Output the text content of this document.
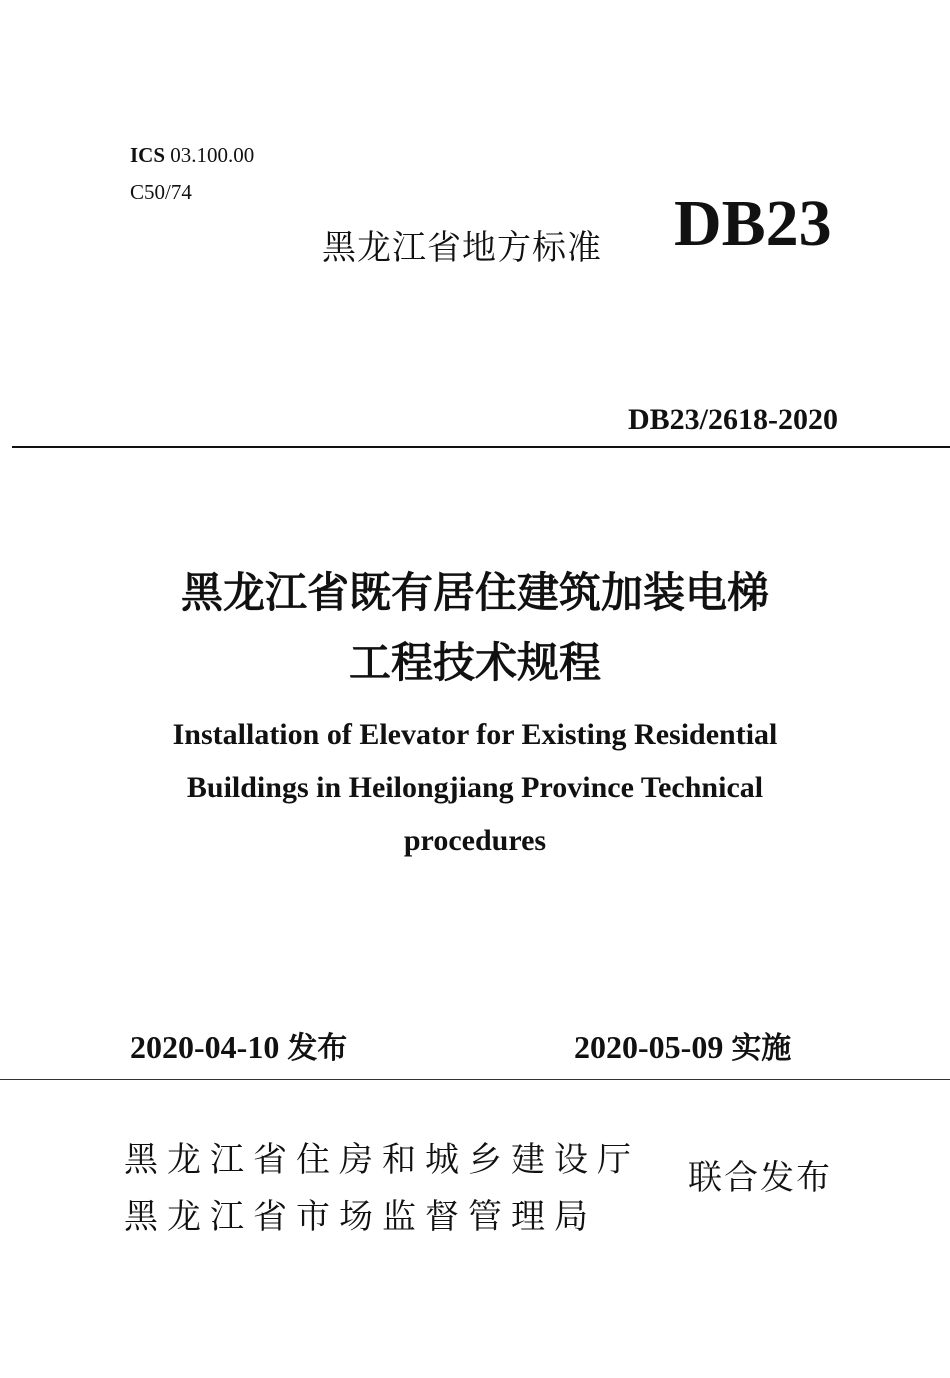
ICS 03.100.00
C50/74
黑龙江省地方标准 DB23
DB23/2618-2020
黑龙江省既有居住建筑加装电梯
工程技术规程
Installation of Elevator for Existing Residential
Buildings in Heilongjiang Province Technical
procedures
2020-04-10 发布	2020-05-09 实施
黑龙江省住房和城乡建设厅
黑龙江省市场监督管理局
联合发布
